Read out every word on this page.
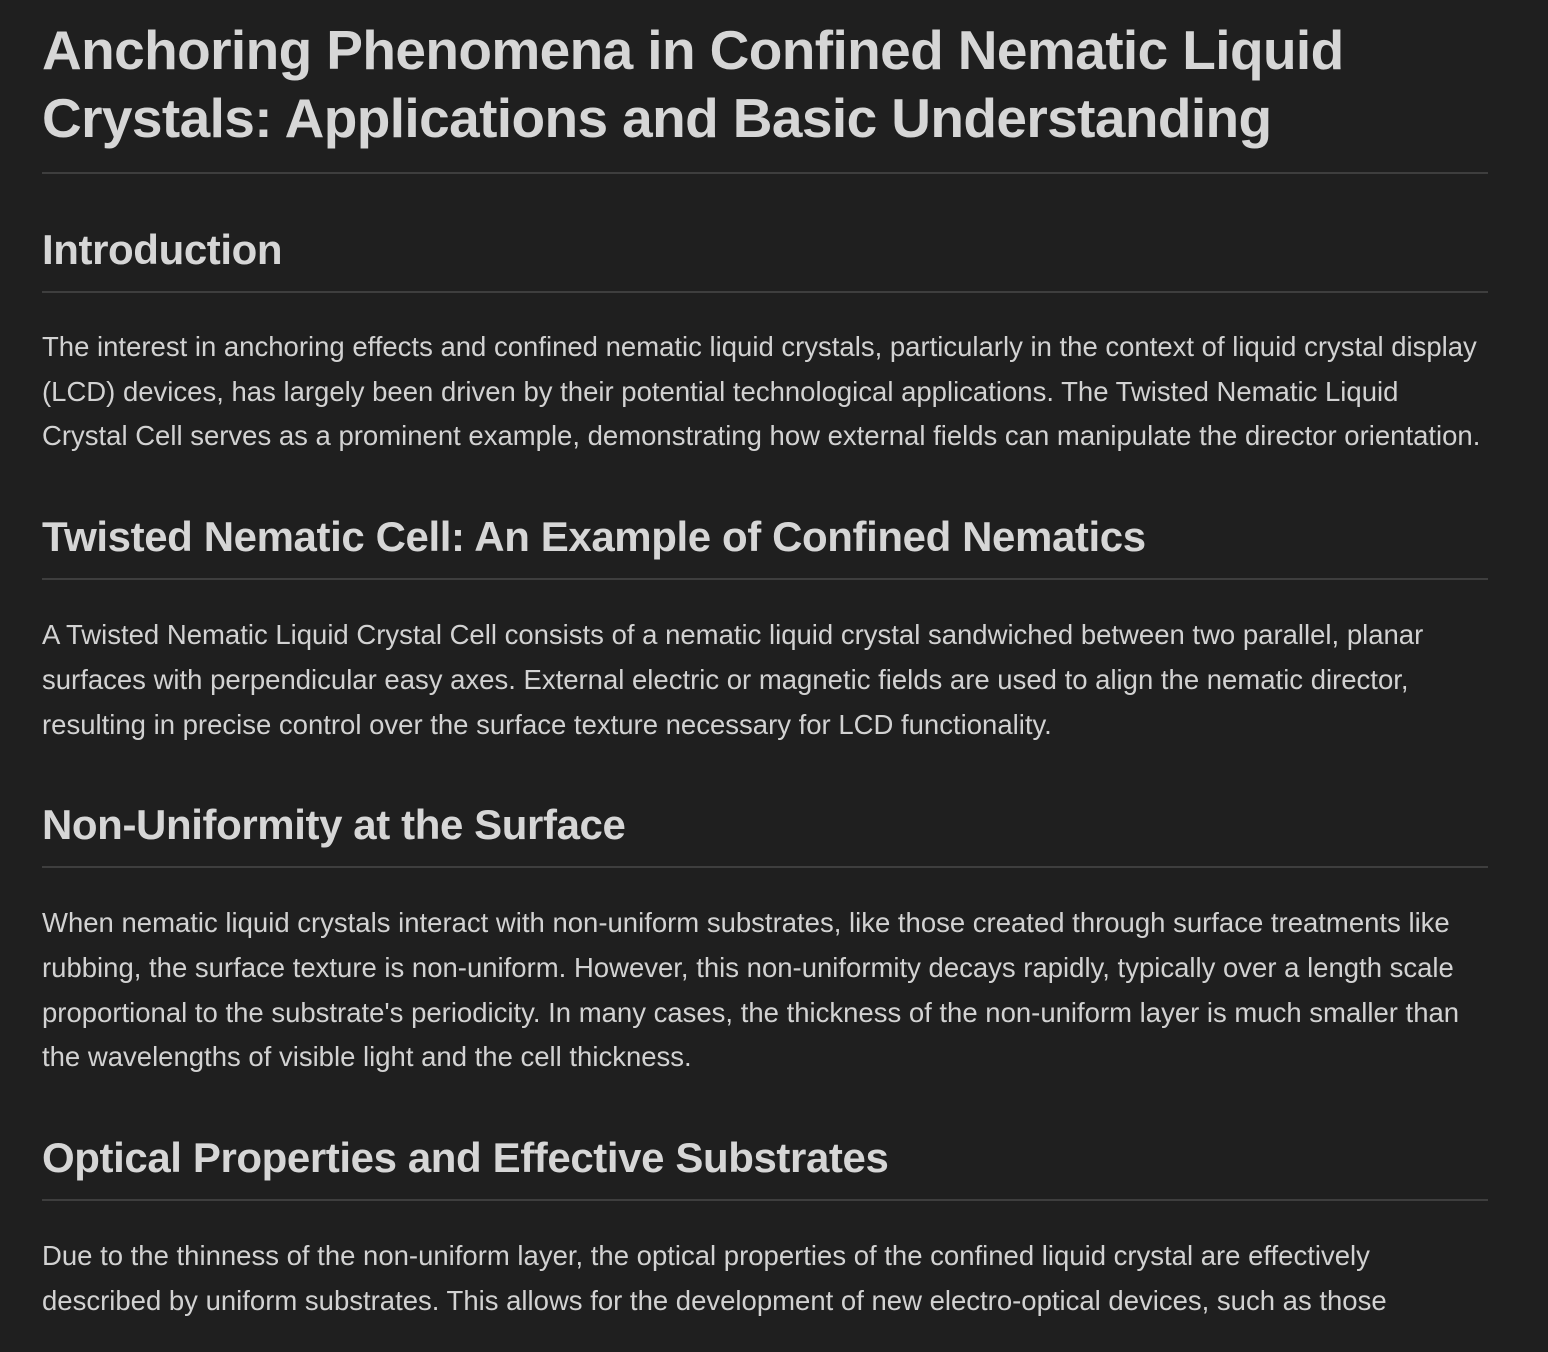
Anchoring Phenomena in Confined Nematic Liquid Crystals: Applications and Basic Understanding
Introduction

The interest in anchoring effects and confined nematic liquid crystals, particularly in the context of liquid crystal display (LCD) devices, has largely been driven by their potential technological applications. The Twisted Nematic Liquid Crystal Cell serves as a prominent example, demonstrating how external fields can manipulate the director orientation.

Twisted Nematic Cell: An Example of Confined Nematics

A Twisted Nematic Liquid Crystal Cell consists of a nematic liquid crystal sandwiched between two parallel, planar surfaces with perpendicular easy axes. External electric or magnetic fields are used to align the nematic director, resulting in precise control over the surface texture necessary for LCD functionality.

Non-Uniformity at the Surface

When nematic liquid crystals interact with non-uniform substrates, like those created through surface treatments like rubbing, the surface texture is non-uniform. However, this non-uniformity decays rapidly, typically over a length scale proportional to the substrate's periodicity. In many cases, the thickness of the non-uniform layer is much smaller than the wavelengths of visible light and the cell thickness.

Optical Properties and Effective Substrates

Due to the thinness of the non-uniform layer, the optical properties of the confined liquid crystal are effectively described by uniform substrates. This allows for the development of new electro-optical devices, such as those
